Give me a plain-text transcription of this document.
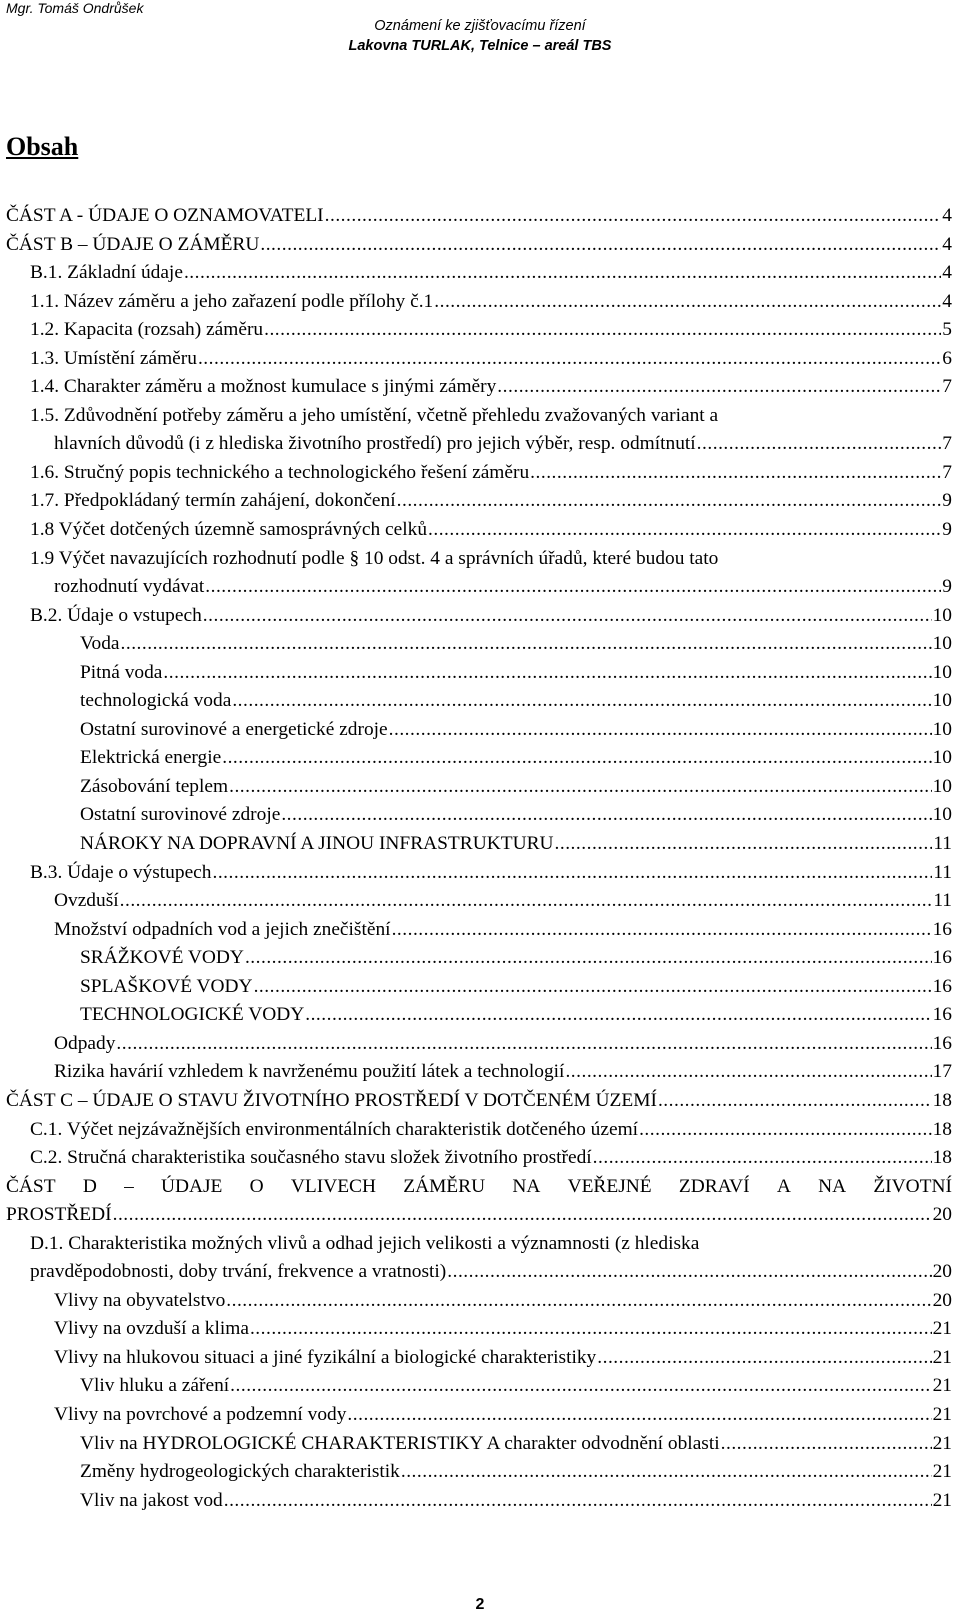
Mgr. Tomáš Ondrůšek
Oznámení ke zjišťovacímu řízení
Lakovna TURLAK, Telnice – areál TBS
Obsah
ČÁST A - ÚDAJE O OZNAMOVATELI .....	4
ČÁST B – ÚDAJE O ZÁMĚRU .....	4
B.1. Základní údaje .....	4
1.1. Název záměru a jeho zařazení podle přílohy č.1 .....	4
1.2. Kapacita (rozsah) záměru .....	5
1.3. Umístění záměru .....	6
1.4. Charakter záměru a možnost kumulace s jinými záměry .....	7
1.5. Zdůvodnění potřeby záměru a jeho umístění, včetně přehledu zvažovaných variant a
hlavních důvodů (i z hlediska životního prostředí) pro jejich výběr, resp. odmítnutí .....	7
1.6. Stručný popis technického a technologického řešení záměru .....	7
1.7. Předpokládaný termín zahájení, dokončení .....	9
1.8 Výčet dotčených územně samosprávných celků .....	9
1.9 Výčet navazujících rozhodnutí podle § 10 odst. 4 a správních úřadů, které budou tato
rozhodnutí vydávat .....	9
B.2. Údaje o vstupech .....	10
Voda .....	10
Pitná voda .....	10
technologická voda .....	10
Ostatní surovinové a energetické zdroje .....	10
Elektrická energie .....	10
Zásobování teplem .....	10
Ostatní surovinové zdroje .....	10
NÁROKY NA DOPRAVNÍ A JINOU INFRASTRUKTURU .....	11
B.3. Údaje o výstupech .....	11
Ovzduší .....	11
Množství odpadních vod a jejich znečištění .....	16
SRÁŽKOVÉ VODY .....	16
SPLAŠKOVÉ VODY .....	16
TECHNOLOGICKÉ VODY .....	16
Odpady .....	16
Rizika havárií vzhledem k navrženému použití látek a technologií .....	17
ČÁST C – ÚDAJE O STAVU ŽIVOTNÍHO PROSTŘEDÍ V DOTČENÉM ÚZEMÍ .....	18
C.1. Výčet nejzávažnějších environmentálních charakteristik dotčeného území .....	18
C.2. Stručná charakteristika současného stavu složek životního prostředí .....	18
ČÁST D – ÚDAJE O VLIVECH ZÁMĚRU NA VEŘEJNÉ ZDRAVÍ A NA ŽIVOTNÍ
PROSTŘEDÍ .....	20
D.1. Charakteristika možných vlivů a odhad jejich velikosti a významnosti (z hlediska
pravděpodobnosti, doby trvání, frekvence a vratnosti) .....	20
Vlivy na obyvatelstvo .....	20
Vlivy na ovzduší a klima .....	21
Vlivy na hlukovou situaci a jiné fyzikální a biologické charakteristiky .....	21
Vliv hluku a záření .....	21
Vlivy na povrchové a podzemní vody .....	21
Vliv na HYDROLOGICKÉ CHARAKTERISTIKY A charakter odvodnění oblasti .....	21
Změny hydrogeologických charakteristik .....	21
Vliv na jakost vod .....	21
2
